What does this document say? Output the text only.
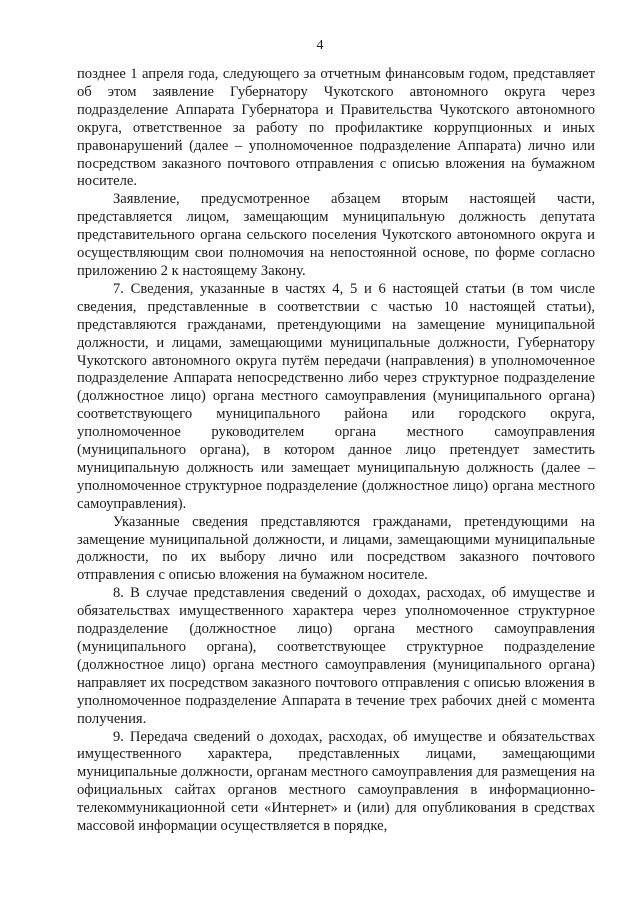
4

позднее 1 апреля года, следующего за отчетным финансовым годом, представляет об этом заявление Губернатору Чукотского автономного округа через подразделение Аппарата Губернатора и Правительства Чукотского автономного округа, ответственное за работу по профилактике коррупционных и иных правонарушений (далее – уполномоченное подразделение Аппарата) лично или посредством заказного почтового отправления с описью вложения на бумажном носителе.

Заявление, предусмотренное абзацем вторым настоящей части, представляется лицом, замещающим муниципальную должность депутата представительного органа сельского поселения Чукотского автономного округа и осуществляющим свои полномочия на непостоянной основе, по форме согласно приложению 2 к настоящему Закону.

7. Сведения, указанные в частях 4, 5 и 6 настоящей статьи (в том числе сведения, представленные в соответствии с частью 10 настоящей статьи), представляются гражданами, претендующими на замещение муниципальной должности, и лицами, замещающими муниципальные должности, Губернатору Чукотского автономного округа путём передачи (направления) в уполномоченное подразделение Аппарата непосредственно либо через структурное подразделение (должностное лицо) органа местного самоуправления (муниципального органа) соответствующего муниципального района или городского округа, уполномоченное руководителем органа местного самоуправления (муниципального органа), в котором данное лицо претендует заместить муниципальную должность или замещает муниципальную должность (далее – уполномоченное структурное подразделение (должностное лицо) органа местного самоуправления).

Указанные сведения представляются гражданами, претендующими на замещение муниципальной должности, и лицами, замещающими муниципальные должности, по их выбору лично или посредством заказного почтового отправления с описью вложения на бумажном носителе.

8. В случае представления сведений о доходах, расходах, об имуществе и обязательствах имущественного характера через уполномоченное структурное подразделение (должностное лицо) органа местного самоуправления (муниципального органа), соответствующее структурное подразделение (должностное лицо) органа местного самоуправления (муниципального органа) направляет их посредством заказного почтового отправления с описью вложения в уполномоченное подразделение Аппарата в течение трех рабочих дней с момента получения.

9. Передача сведений о доходах, расходах, об имуществе и обязательствах имущественного характера, представленных лицами, замещающими муниципальные должности, органам местного самоуправления для размещения на официальных сайтах органов местного самоуправления в информационно-телекоммуникационной сети «Интернет» и (или) для опубликования в средствах массовой информации осуществляется в порядке,
